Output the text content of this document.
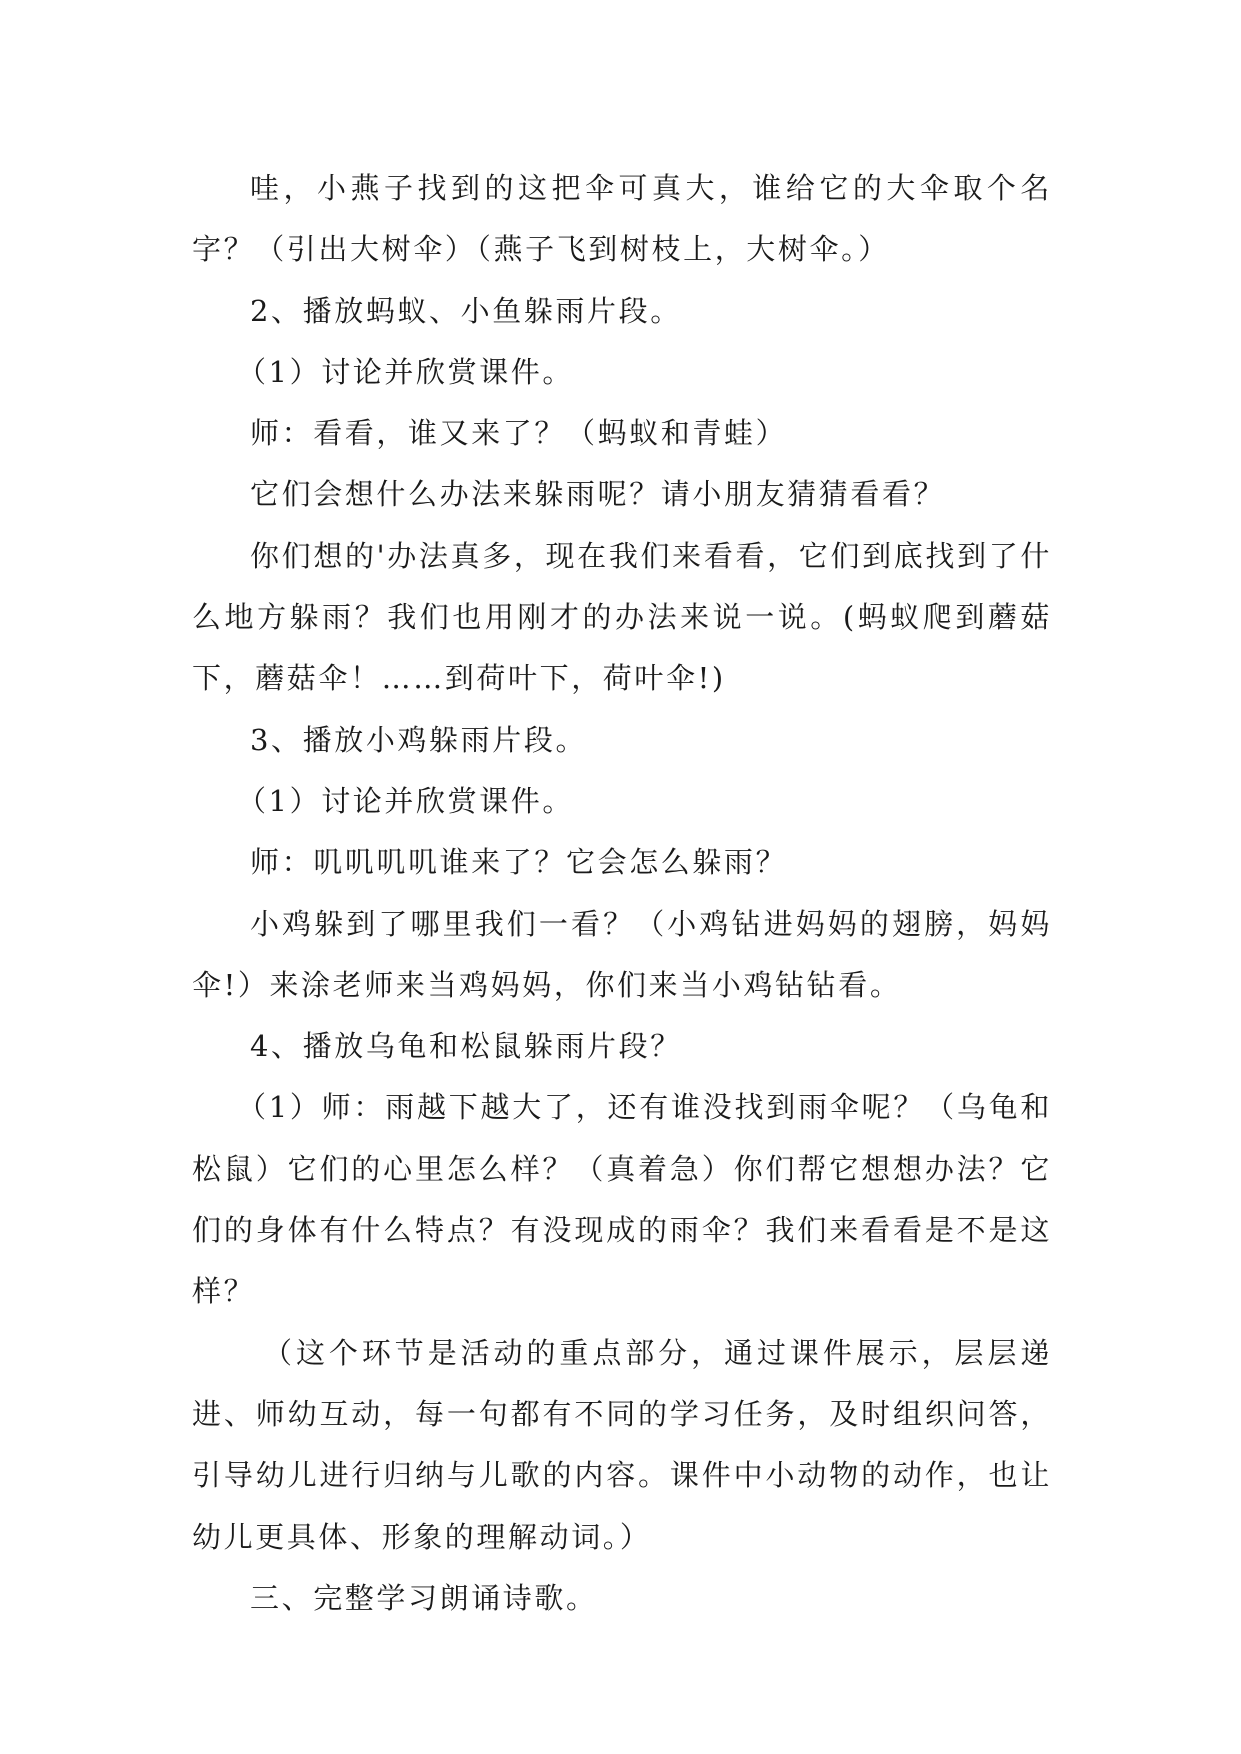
哇，小燕子找到的这把伞可真大，谁给它的大伞取个名字？（引出大树伞）（燕子飞到树枝上，大树伞。）

2、播放蚂蚁、小鱼躲雨片段。

（1）讨论并欣赏课件。

师：看看，谁又来了？（蚂蚁和青蛙）

它们会想什么办法来躲雨呢？请小朋友猜猜看看？

你们想的'办法真多，现在我们来看看，它们到底找到了什么地方躲雨？我们也用刚才的办法来说一说。(蚂蚁爬到蘑菇下，蘑菇伞！……到荷叶下，荷叶伞!)

3、播放小鸡躲雨片段。

（1）讨论并欣赏课件。

师：叽叽叽叽谁来了？它会怎么躲雨？

小鸡躲到了哪里我们一看？（小鸡钻进妈妈的翅膀，妈妈伞!）来涂老师来当鸡妈妈，你们来当小鸡钻钻看。

4、播放乌龟和松鼠躲雨片段？

（1）师：雨越下越大了，还有谁没找到雨伞呢？（乌龟和松鼠）它们的心里怎么样？（真着急）你们帮它想想办法？它们的身体有什么特点？有没现成的雨伞？我们来看看是不是这样？

（这个环节是活动的重点部分，通过课件展示，层层递进、师幼互动，每一句都有不同的学习任务，及时组织问答，引导幼儿进行归纳与儿歌的内容。课件中小动物的动作，也让幼儿更具体、形象的理解动词。）

三、完整学习朗诵诗歌。
